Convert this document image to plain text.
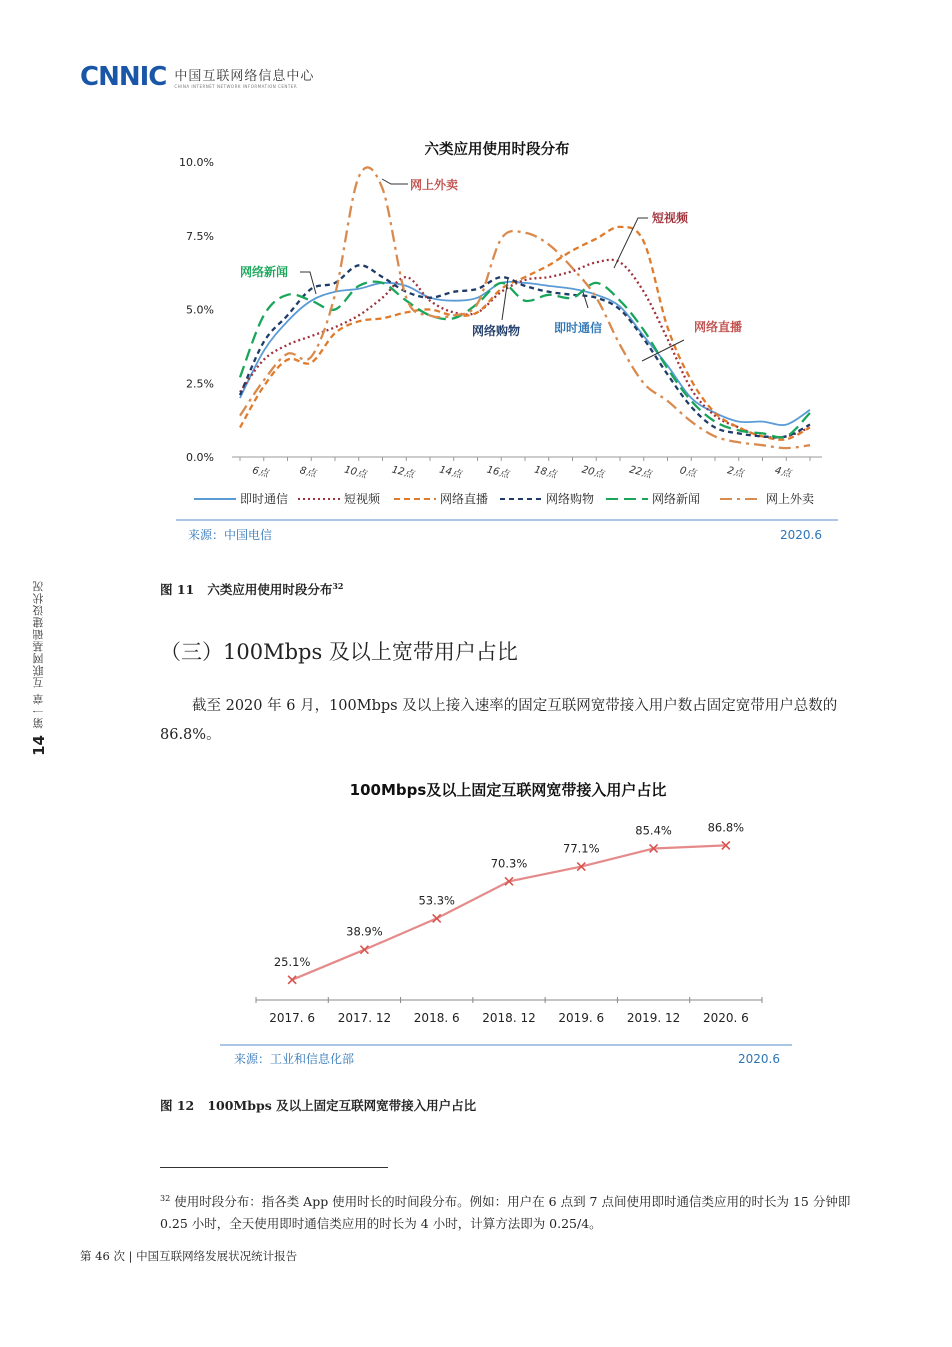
CNNIC 中国互联网络信息中心
CHINA INTERNET NETWORK INFORMATION CENTER
第一章 互联网基础建设状况
14
六类应用使用时段分布
0.0%
2.5%
5.0%
7.5%
10.0%
6点	8点	10点 12点 14点 16点 18点 20点 22点	0点	2点	4点
网上外卖
短视频
网络新闻
网络直播
网络购物	即时通信
即时通信	短视频	网络直播	网络购物	网络新闻	网上外卖
来源：中国电信	2020.6
图 11 六类应用使用时段分布$^{32}$
（三）100Mbps 及以上宽带用户占比
截至 2020 年 6 月，100Mbps 及以上接入速率的固定互联网宽带接入用户数占固定宽带用户总数的 86.8%。
100Mbps及以上固定互联网宽带接入用户占比
2017. 6 2017. 12 2018. 6 2018. 12 2019. 6 2019. 12 2020. 6
25.1%
38.9%
53.3%
70.3%
77.1%
85.4%	86.8%
来源：工业和信息化部	2020.6
图 12 100Mbps 及以上固定互联网宽带接入用户占比
$^{32}$ 使用时段分布：指各类 App 使用时长的时间段分布。例如：用户在 6 点到 7 点间使用即时通信类应用的时长为 15 分钟即 0.25 小时，全天使用即时通信类应用的时长为 4 小时，计算方法即为 0.25/4。
第 46 次 | 中国互联网络发展状况统计报告
